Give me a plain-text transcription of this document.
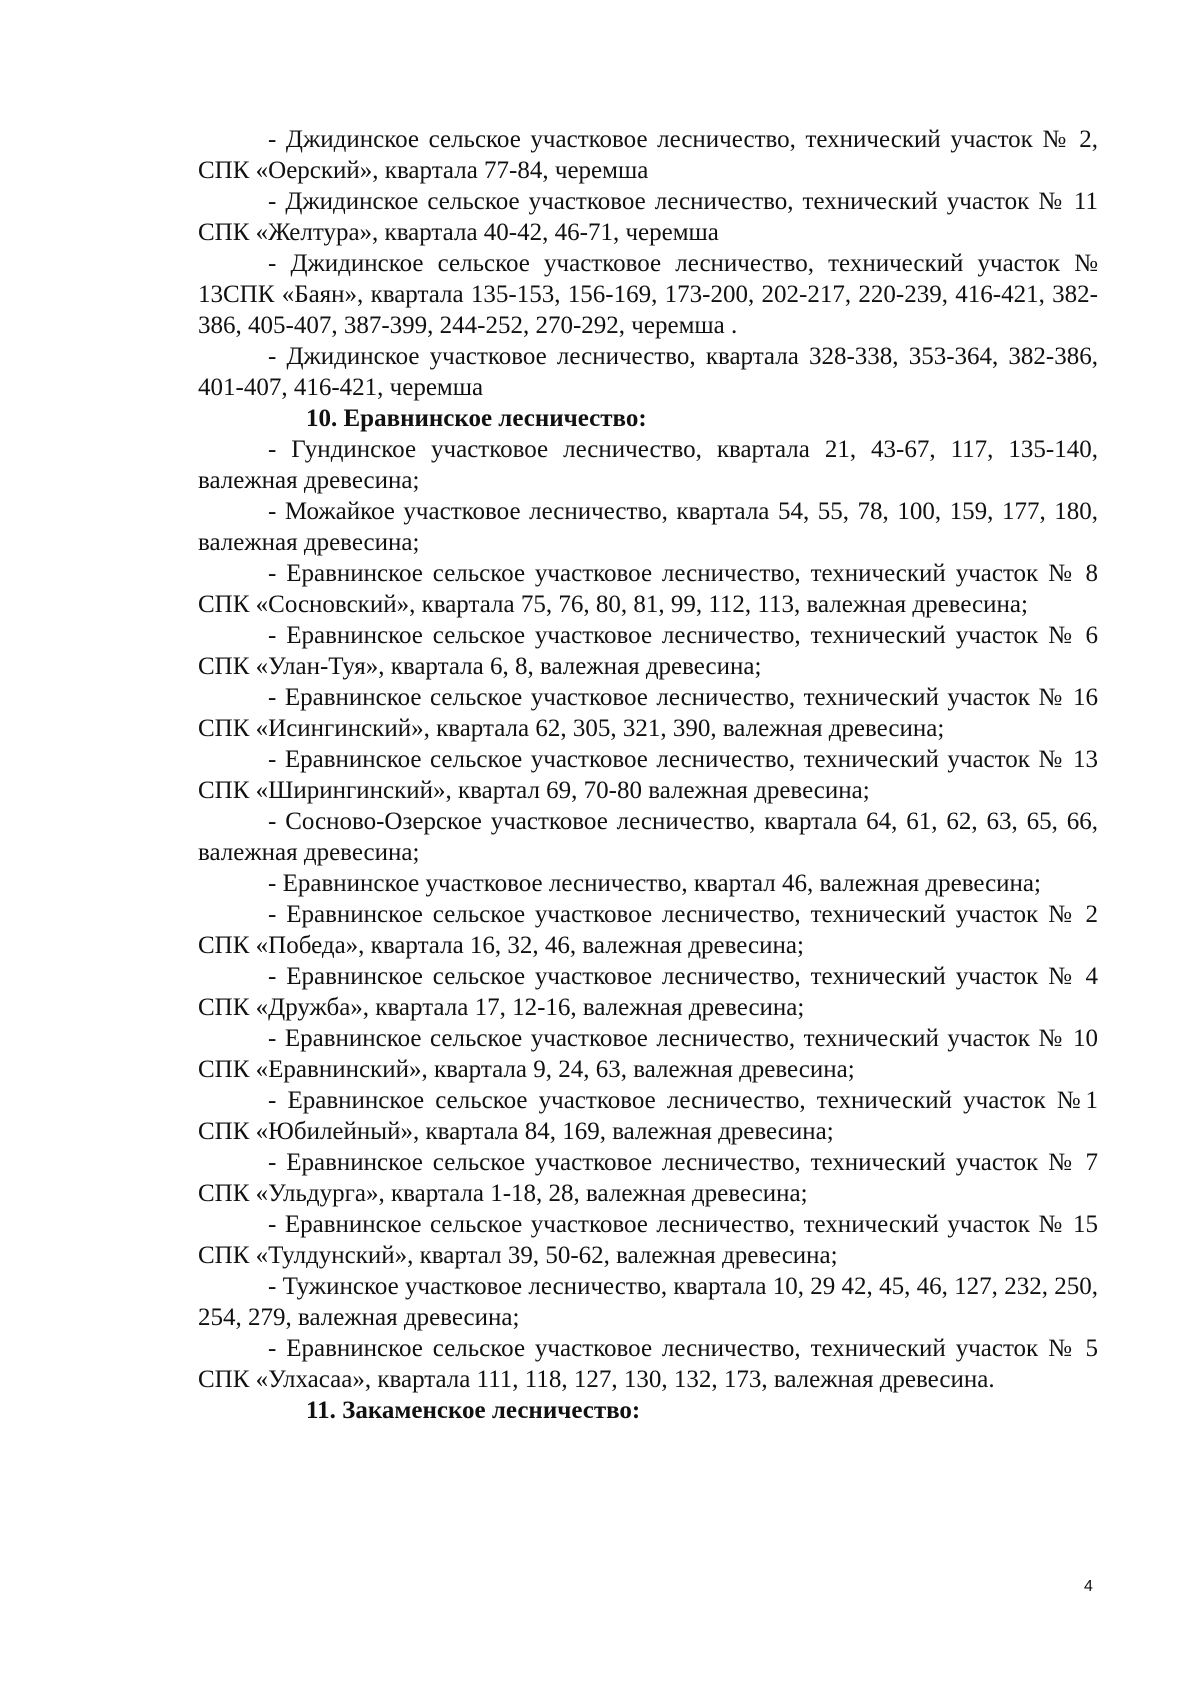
- Джидинское сельское участковое лесничество, технический участок № 2, СПК «Оерский», квартала 77-84, черемша

- Джидинское сельское участковое лесничество, технический участок № 11 СПК «Желтура», квартала 40-42, 46-71, черемша

- Джидинское сельское участковое лесничество, технический участок № 13СПК «Баян», квартала 135-153, 156-169, 173-200, 202-217, 220-239, 416-421, 382-386, 405-407, 387-399, 244-252, 270-292, черемша .

- Джидинское участковое лесничество, квартала 328-338, 353-364, 382-386, 401-407, 416-421, черемша

10. Еравнинское лесничество:

- Гундинское участковое лесничество, квартала 21, 43-67, 117, 135-140, валежная древесина;

- Можайкое участковое лесничество, квартала 54, 55, 78, 100, 159, 177, 180, валежная древесина;

- Еравнинское сельское участковое лесничество, технический участок № 8 СПК «Сосновский», квартала 75, 76, 80, 81, 99, 112, 113, валежная древесина;

- Еравнинское сельское участковое лесничество, технический участок № 6 СПК «Улан-Туя», квартала 6, 8, валежная древесина;

- Еравнинское сельское участковое лесничество, технический участок № 16 СПК «Исингинский», квартала 62, 305, 321, 390, валежная древесина;

- Еравнинское сельское участковое лесничество, технический участок № 13 СПК «Ширингинский», квартал 69, 70-80 валежная древесина;

- Сосново-Озерское участковое лесничество, квартала 64, 61, 62, 63, 65, 66, валежная древесина;

- Еравнинское участковое лесничество, квартал 46, валежная древесина;

- Еравнинское сельское участковое лесничество, технический участок № 2 СПК «Победа», квартала 16, 32, 46, валежная древесина;

- Еравнинское сельское участковое лесничество, технический участок № 4 СПК «Дружба», квартала 17, 12-16, валежная древесина;

- Еравнинское сельское участковое лесничество, технический участок № 10 СПК «Еравнинский», квартала 9, 24, 63, валежная древесина;

- Еравнинское сельское участковое лесничество, технический участок №1 СПК «Юбилейный», квартала 84, 169, валежная древесина;

- Еравнинское сельское участковое лесничество, технический участок № 7 СПК «Ульдурга», квартала 1-18, 28, валежная древесина;

- Еравнинское сельское участковое лесничество, технический участок № 15 СПК «Тулдунский», квартал 39, 50-62, валежная древесина;

- Тужинское участковое лесничество, квартала 10, 29 42, 45, 46, 127, 232, 250, 254, 279, валежная древесина;

- Еравнинское сельское участковое лесничество, технический участок № 5 СПК «Улхасаа», квартала 111, 118, 127, 130, 132, 173, валежная древесина.

11. Закаменское лесничество:

4
